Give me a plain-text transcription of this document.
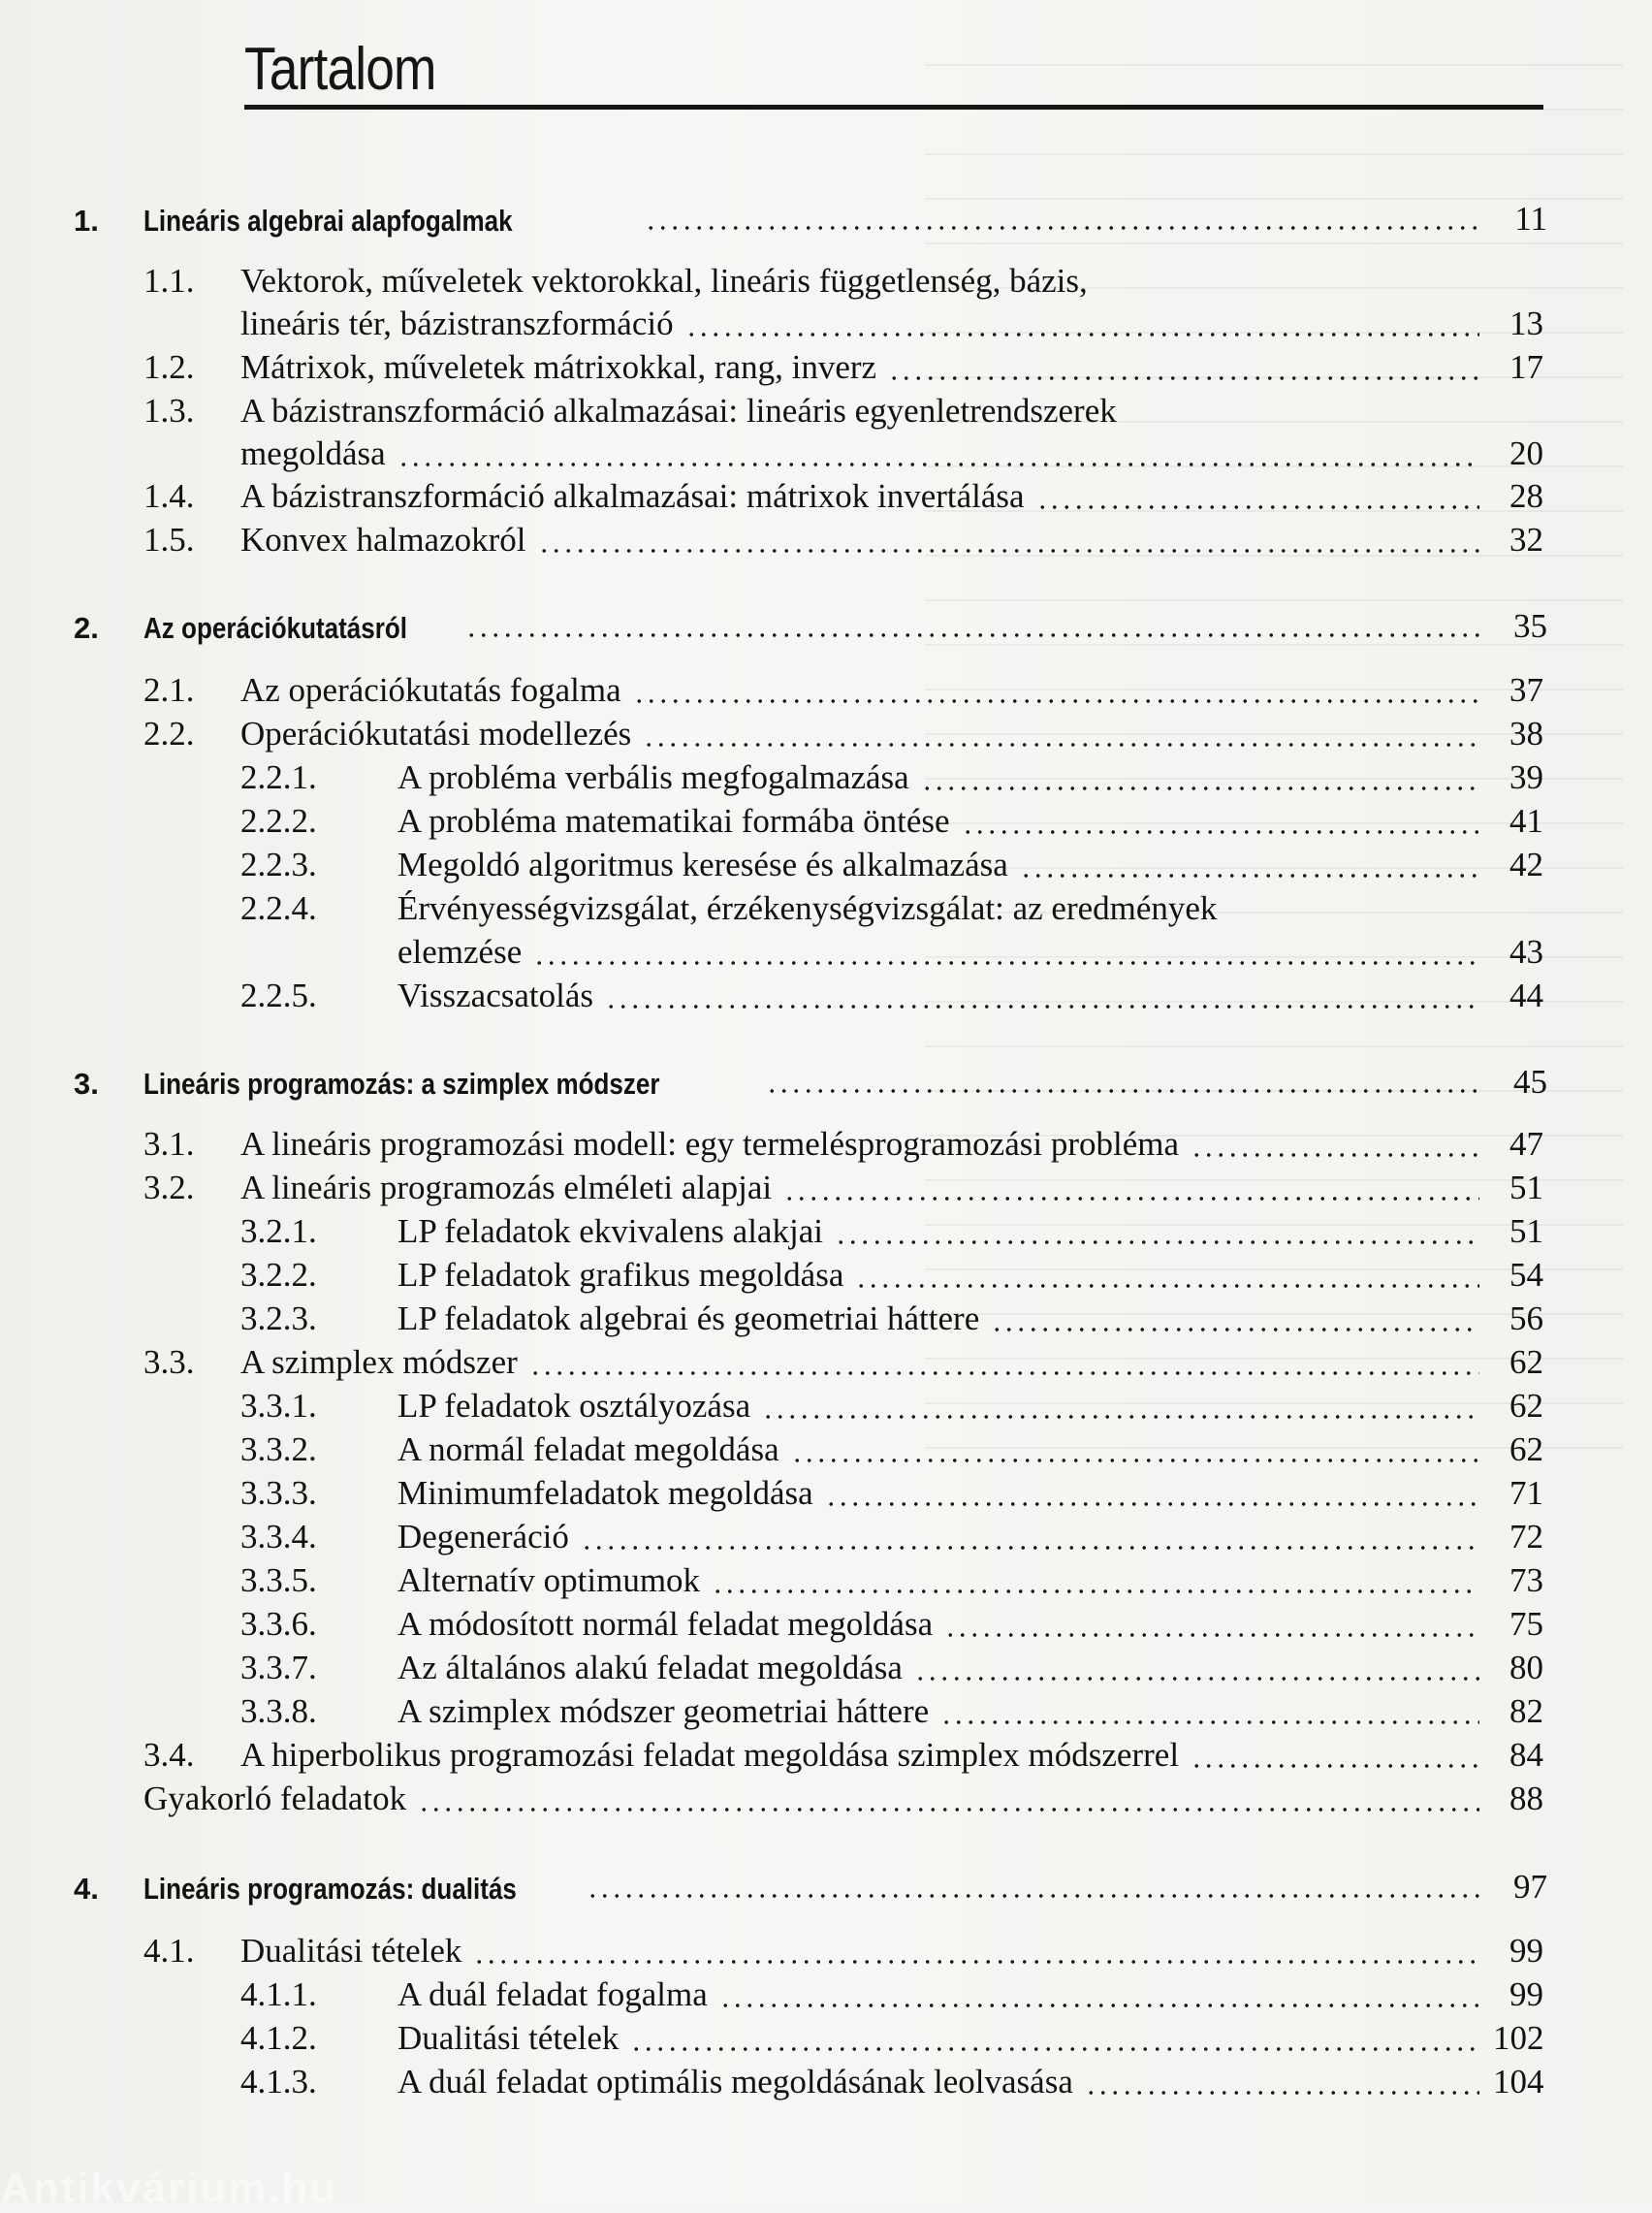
Tartalom
1.	Lineáris algebrai alapfogalmak	11
1.1. Vektorok, műveletek vektorokkal, lineáris függetlenség, bázis,
lineáris tér, bázistranszformáció	13
1.2.	Mátrixok, műveletek mátrixokkal, rang, inverz	17
1.3. A bázistranszformáció alkalmazásai: lineáris egyenletrendszerek
megoldása	20
1.4.	A bázistranszformáció alkalmazásai: mátrixok invertálása	28
1.5.	Konvex halmazokról	32
2.	Az operációkutatásról	35
2.1.	Az operációkutatás fogalma	37
2.2.	Operációkutatási modellezés	38
2.2.1.	A probléma verbális megfogalmazása	39
2.2.2.	A probléma matematikai formába öntése	41
2.2.3.	Megoldó algoritmus keresése és alkalmazása	42
2.2.4. Érvényességvizsgálat, érzékenységvizsgálat: az eredmények
elemzése	43
2.2.5.	Visszacsatolás	44
3.	Lineáris programozás: a szimplex módszer	45
3.1.	A lineáris programozási modell: egy termelésprogramozási probléma	47
3.2.	A lineáris programozás elméleti alapjai	51
3.2.1.	LP feladatok ekvivalens alakjai	51
3.2.2.	LP feladatok grafikus megoldása	54
3.2.3.	LP feladatok algebrai és geometriai háttere	56
3.3.	A szimplex módszer	62
3.3.1.	LP feladatok osztályozása	62
3.3.2.	A normál feladat megoldása	62
3.3.3.	Minimumfeladatok megoldása	71
3.3.4.	Degeneráció	72
3.3.5.	Alternatív optimumok	73
3.3.6.	A módosított normál feladat megoldása	75
3.3.7.	Az általános alakú feladat megoldása	80
3.3.8.	A szimplex módszer geometriai háttere	82
3.4.	A hiperbolikus programozási feladat megoldása szimplex módszerrel	84
Gyakorló feladatok	88
4.	Lineáris programozás: dualitás	97
4.1.	Dualitási tételek	99
4.1.1.	A duál feladat fogalma	99
4.1.2.	Dualitási tételek	102
4.1.3.	A duál feladat optimális megoldásának leolvasása	104
Antikvárium.hu
